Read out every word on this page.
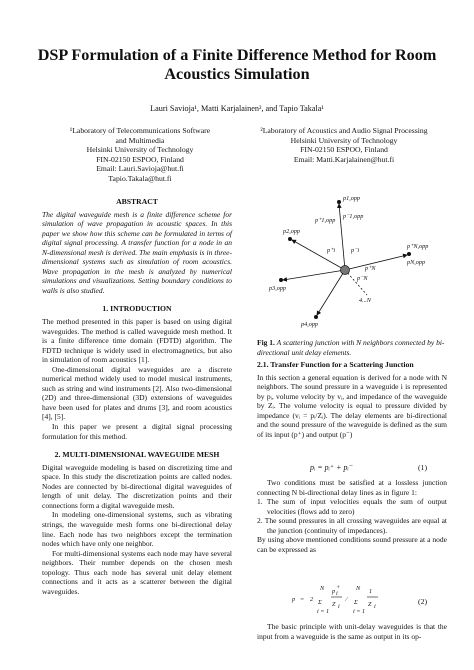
DSP Formulation of a Finite Difference Method for Room
Acoustics Simulation
Lauri Savioja¹, Matti Karjalainen², and Tapio Takala¹
¹Laboratory of Telecommunications Software
and Multimedia
Helsinki University of Technology
FIN-02150 ESPOO, Finland
Email: Lauri.Savioja@hut.fi
Tapio.Takala@hut.fi
²Laboratory of Acoustics and Audio Signal Processing
Helsinki University of Technology
FIN-02150 ESPOO, Finland
Email: Matti.Karjalainen@hut.fi
ABSTRACT

The digital waveguide mesh is a finite difference scheme for simulation of wave propagation in acoustic spaces. In this paper we show how this scheme can be formulated in terms of digital signal processing. A transfer function for a node in an N-dimensional mesh is derived. The main emphasis is in three-dimensional systems such as simulation of room acoustics. Wave propagation in the mesh is analyzed by numerical simulations and visualizations. Setting boundary conditions to walls is also studied.

1. INTRODUCTION

The method presented in this paper is based on using digital waveguides. The method is called waveguide mesh method. It is a finite difference time domain (FDTD) algorithm. The FDTD technique is widely used in electromagnetics, but also in simulation of room acoustics [1].

One-dimensional digital waveguides are a discrete numerical method widely used to model musical instruments, such as string and wind instruments [2]. Also two-dimensional (2D) and three-dimensional (3D) extensions of waveguides have been used for plates and drums [3], and room acoustics [4], [5].

In this paper we present a digital signal processing formulation for this method.

2. MULTI-DIMENSIONAL WAVEGUIDE MESH

Digital waveguide modeling is based on discretizing time and space. In this study the discretization points are called nodes. Nodes are connected by bi-directional digital waveguides of length of unit delay. The discretization points and their connections form a digital waveguide mesh.

In modeling one-dimensional systems, such as vibrating strings, the waveguide mesh forms one bi-directional delay line. Each node has two neighbors except the termination nodes which have only one neighbor.

For multi-dimensional systems each node may have several neighbors. Their number depends on the chosen mesh topology. Thus each node has several unit delay element connections and it acts as a scatterer between the digital waveguides.

p1,opp
p⁺1,opp
p⁻1,opp
p2,opp
p3,opp
p4,opp
p⁺N,opp
pN,opp
p⁺i	p⁻i
p⁺N
p⁻N
4...N
Fig 1. A scattering junction with N neighbors connected by bi-directional unit delay elements.
2.1. Transfer Function for a Scattering Junction

In this section a general equation is derived for a node with N neighbors. The sound pressure in a waveguide i is represented by pᵢ, volume velocity by vᵢ, and impedance of the waveguide by Zᵢ. The volume velocity is equal to pressure divided by impedance (vᵢ = pᵢ/Zᵢ). The delay elements are bi-directional and the sound pressure of the waveguide is defined as the sum of its input (p⁺) and output (p⁻)

pᵢ = pᵢ⁺ + pᵢ⁻	(1)

Two conditions must be satisfied at a lossless junction connecting N bi-directional delay lines as in figure 1:

1. The sum of input velocities equals the sum of output velocities (flows add to zero)
2. The sound pressures in all crossing waveguides are equal at the junction (continuity of impedances).

By using above mentioned conditions sound pressure at a node can be expressed as

p = 2
N
Σ
i = 1
p
+
i
Z i
⁄
N
Σ
i = 1
1
Z i
(2)

The basic principle with unit-delay waveguides is that the input from a waveguide is the same as output in its op-
